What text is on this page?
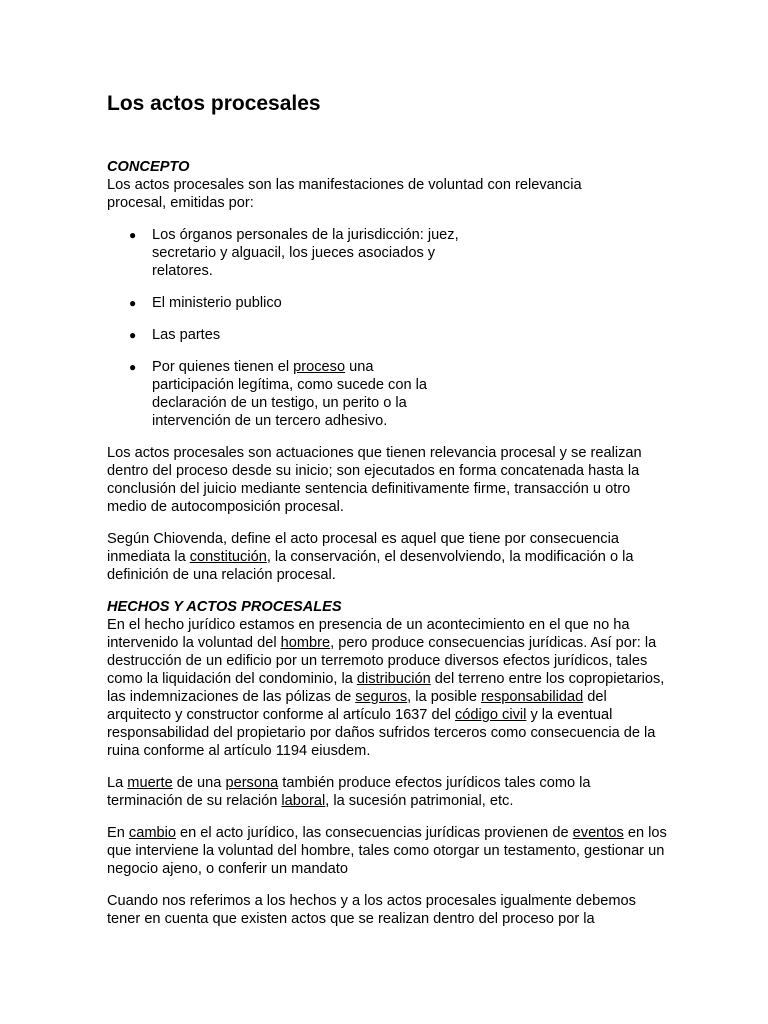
Los actos procesales
CONCEPTO

Los actos procesales son las manifestaciones de voluntad con relevancia procesal, emitidas por:

● Los órganos personales de la jurisdicción: juez, secretario y alguacil, los jueces asociados y relatores.
● El ministerio publico
● Las partes
● Por quienes tienen el proceso una participación legítima, como sucede con la declaración de un testigo, un perito o la intervención de un tercero adhesivo.

Los actos procesales son actuaciones que tienen relevancia procesal y se realizan dentro del proceso desde su inicio; son ejecutados en forma concatenada hasta la conclusión del juicio mediante sentencia definitivamente firme, transacción u otro medio de autocomposición procesal.

Según Chiovenda, define el acto procesal es aquel que tiene por consecuencia inmediata la constitución, la conservación, el desenvolviendo, la modificación o la definición de una relación procesal.

HECHOS Y ACTOS PROCESALES

En el hecho jurídico estamos en presencia de un acontecimiento en el que no ha intervenido la voluntad del hombre, pero produce consecuencias jurídicas. Así por: la destrucción de un edificio por un terremoto produce diversos efectos jurídicos, tales como la liquidación del condominio, la distribución del terreno entre los copropietarios, las indemnizaciones de las pólizas de seguros, la posible responsabilidad del arquitecto y constructor conforme al artículo 1637 del código civil y la eventual responsabilidad del propietario por daños sufridos terceros como consecuencia de la ruina conforme al artículo 1194 eiusdem.

La muerte de una persona también produce efectos jurídicos tales como la terminación de su relación laboral, la sucesión patrimonial, etc.

En cambio en el acto jurídico, las consecuencias jurídicas provienen de eventos en los que interviene la voluntad del hombre, tales como otorgar un testamento, gestionar un negocio ajeno, o conferir un mandato

Cuando nos referimos a los hechos y a los actos procesales igualmente debemos tener en cuenta que existen actos que se realizan dentro del proceso por la
